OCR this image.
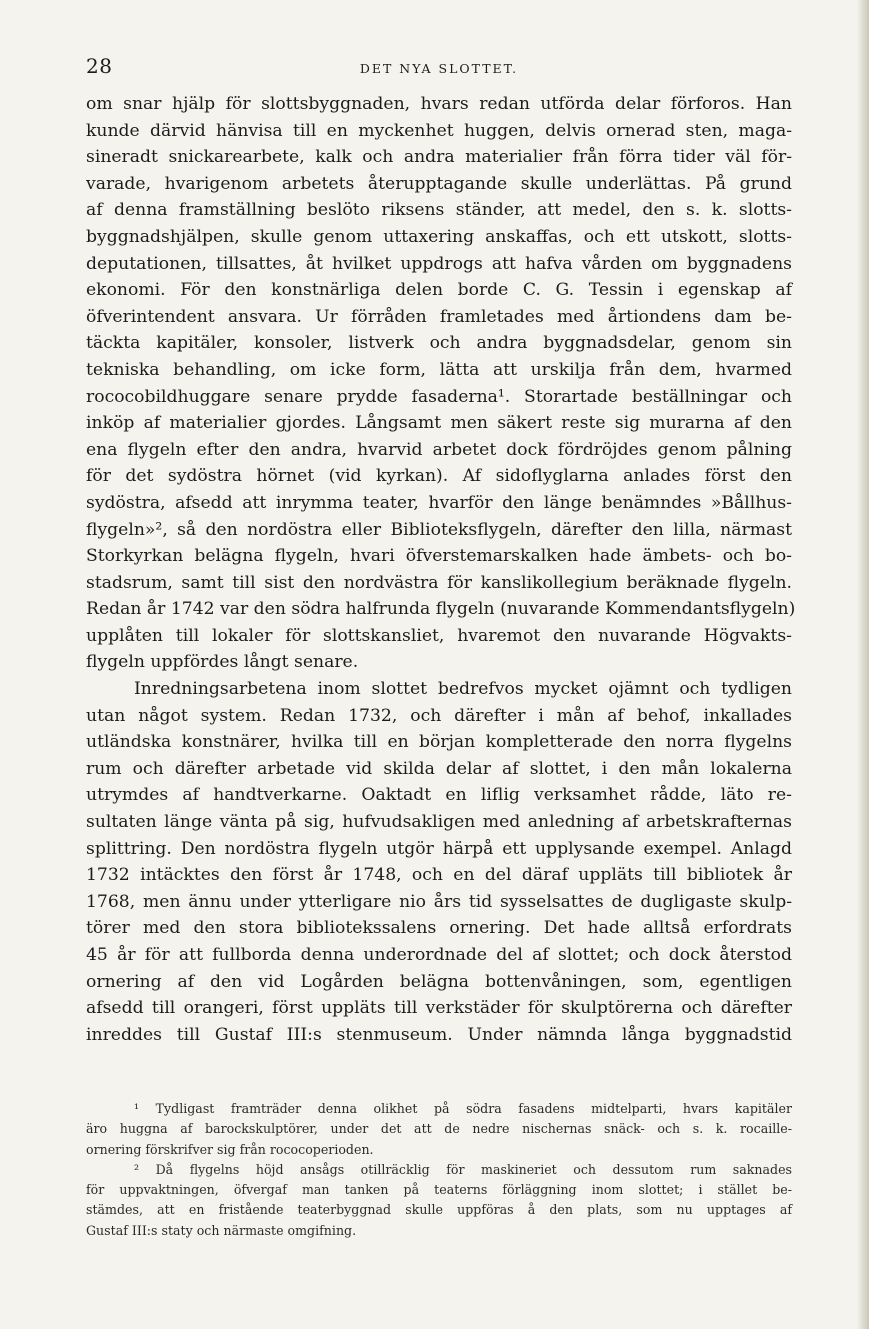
28	DET NYA SLOTTET.
om snar hjälp för slottsbyggnaden, hvars redan utförda delar förforos. Han
kunde därvid hänvisa till en myckenhet huggen, delvis ornerad sten, maga-
sineradt snickarearbete, kalk och andra materialier från förra tider väl för-
varade, hvarigenom arbetets återupptagande skulle underlättas. På grund
af denna framställning beslöto riksens ständer, att medel, den s. k. slotts-
byggnadshjälpen, skulle genom uttaxering anskaffas, och ett utskott, slotts-
deputationen, tillsattes, åt hvilket uppdrogs att hafva vården om byggnadens
ekonomi. För den konstnärliga delen borde C. G. Tessin i egenskap af
öfverintendent ansvara. Ur förråden framletades med årtiondens dam be-
täckta kapitäler, konsoler, listverk och andra byggnadsdelar, genom sin
tekniska behandling, om icke form, lätta att urskilja från dem, hvarmed
rococobildhuggare senare prydde fasaderna¹. Storartade beställningar och
inköp af materialier gjordes. Långsamt men säkert reste sig murarna af den
ena flygeln efter den andra, hvarvid arbetet dock fördröjdes genom pålning
för det sydöstra hörnet (vid kyrkan). Af sidoflyglarna anlades först den
sydöstra, afsedd att inrymma teater, hvarför den länge benämndes »Bållhus-
flygeln»², så den nordöstra eller Biblioteksflygeln, därefter den lilla, närmast
Storkyrkan belägna flygeln, hvari öfverstemarskalken hade ämbets- och bo-
stadsrum, samt till sist den nordvästra för kanslikollegium beräknade flygeln.
Redan år 1742 var den södra halfrunda flygeln (nuvarande Kommendantsflygeln)
upplåten till lokaler för slottskansliet, hvaremot den nuvarande Högvakts-
flygeln uppfördes långt senare.
Inredningsarbetena inom slottet bedrefvos mycket ojämnt och tydligen
utan något system. Redan 1732, och därefter i mån af behof, inkallades
utländska konstnärer, hvilka till en början kompletterade den norra flygelns
rum och därefter arbetade vid skilda delar af slottet, i den mån lokalerna
utrymdes af handtverkarne. Oaktadt en liflig verksamhet rådde, läto re-
sultaten länge vänta på sig, hufvudsakligen med anledning af arbetskrafternas
splittring. Den nordöstra flygeln utgör härpå ett upplysande exempel. Anlagd
1732 intäcktes den först år 1748, och en del däraf uppläts till bibliotek år
1768, men ännu under ytterligare nio års tid sysselsattes de dugligaste skulp-
törer med den stora bibliotekssalens ornering. Det hade alltså erfordrats
45 år för att fullborda denna underordnade del af slottet; och dock återstod
ornering af den vid Logården belägna bottenvåningen, som, egentligen
afsedd till orangeri, först uppläts till verkstäder för skulptörerna och därefter
inreddes till Gustaf III:s stenmuseum. Under nämnda långa byggnadstid
¹ Tydligast framträder denna olikhet på södra fasadens midtelparti, hvars kapitäler
äro huggna af barockskulptörer, under det att de nedre nischernas snäck- och s. k. rocaille-
ornering förskrifver sig från rococoperioden.
² Då flygelns höjd ansågs otillräcklig för maskineriet och dessutom rum saknades
för uppvaktningen, öfvergaf man tanken på teaterns förläggning inom slottet; i stället be-
stämdes, att en fristående teaterbyggnad skulle uppföras å den plats, som nu upptages af
Gustaf III:s staty och närmaste omgifning.
